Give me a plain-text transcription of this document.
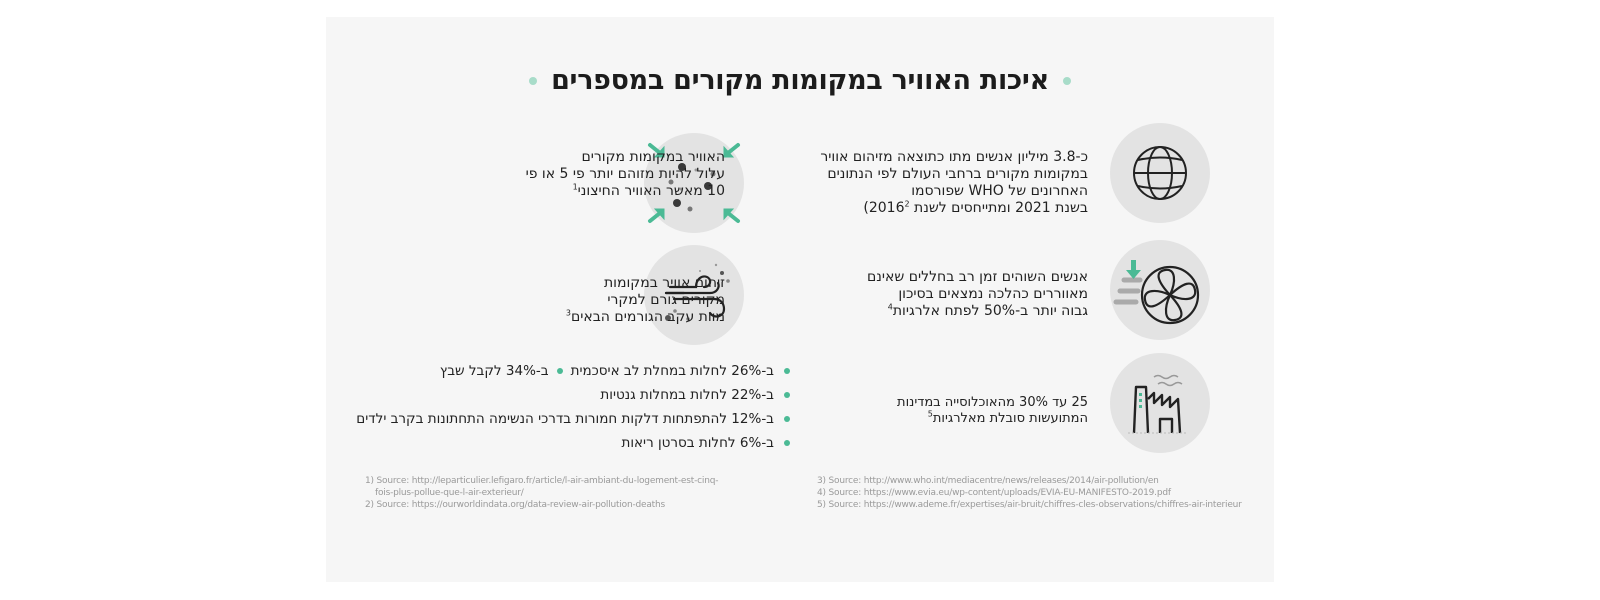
איכות האוויר במקומות מקורים במספרים
כ-3.8 מיליון אנשים מתו כתוצאה מזיהום אוויר
במקומות מקורים ברחבי העולם לפי הנתונים
האחרונים של WHO שפורסמו
בשנת 2021 ומתייחסים לשנת 2016$^2$)
האוויר במקומות מקורים
עלול להיות מזוהם יותר פי 5 או פי
10 מאשר האוויר החיצוני$^1$
אנשים השוהים זמן רב בחללים שאינם
מאווררים כהלכה נמצאים בסיכון
גבוה יותר ב-50% לפתח אלרגיות$^4$
זיהום אוויר במקומות
מקורים גורם למקרי
מוות עקב הגורמים הבאים$^3$
25 עד 30% מהאוכלוסייה במדינות
המתועשות סובלת מאלרגיות$^5$
ב-26% לחלות במחלת לב איסכמית
ב-34% לקבל שבץ
ב-22% לחלות במחלות גנטיות
ב-12% להתפתחות דלקות חמורות בדרכי הנשימה התחתונות בקרב ילדים
ב-6% לחלות בסרטן ריאות
1) Source: http://leparticulier.lefigaro.fr/article/l-air-ambiant-du-logement-est-cinq-
fois-plus-pollue-que-l-air-exterieur/
2) Source: https://ourworldindata.org/data-review-air-pollution-deaths
3) Source: http://www.who.int/mediacentre/news/releases/2014/air-pollution/en
4) Source: https://www.evia.eu/wp-content/uploads/EVIA-EU-MANIFESTO-2019.pdf
5) Source: https://www.ademe.fr/expertises/air-bruit/chiffres-cles-observations/chiffres-air-interieur
